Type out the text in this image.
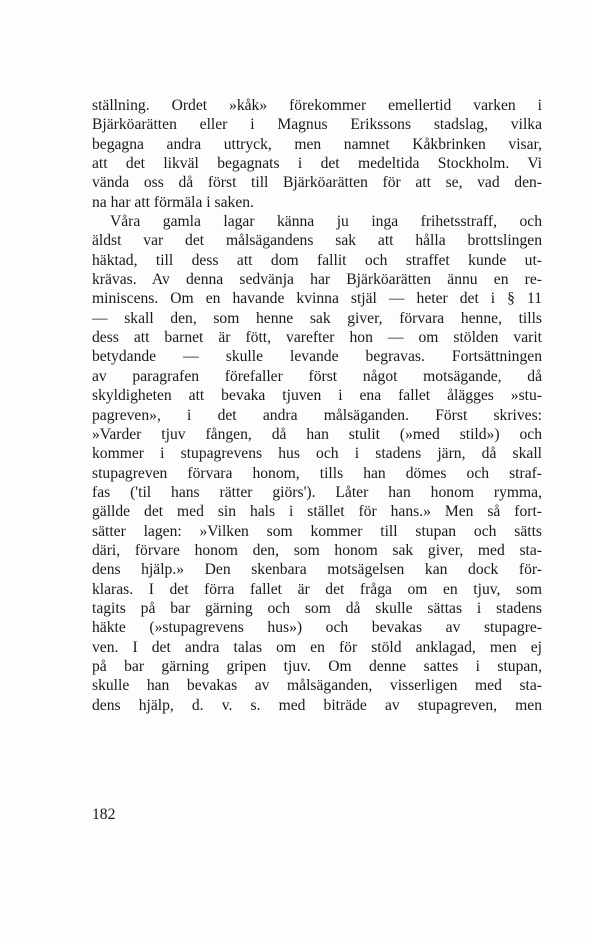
ställning. Ordet »kåk» förekommer emellertid varken i
Bjärköarätten eller i Magnus Erikssons stadslag, vilka
begagna andra uttryck, men namnet Kåkbrinken visar,
att det likväl begagnats i det medeltida Stockholm. Vi
vända oss då först till Bjärköarätten för att se, vad den-
na har att förmäla i saken.
Våra gamla lagar känna ju inga frihetsstraff, och
äldst var det målsägandens sak att hålla brottslingen
häktad, till dess att dom fallit och straffet kunde ut-
krävas. Av denna sedvänja har Bjärköarätten ännu en re-
miniscens. Om en havande kvinna stjäl — heter det i § 11
— skall den, som henne sak giver, förvara henne, tills
dess att barnet är fött, varefter hon — om stölden varit
betydande — skulle levande begravas. Fortsättningen
av paragrafen förefaller först något motsägande, då
skyldigheten att bevaka tjuven i ena fallet ålägges »stu-
pagreven», i det andra målsäganden. Först skrives:
»Varder tjuv fången, då han stulit (»med stild») och
kommer i stupagrevens hus och i stadens järn, då skall
stupagreven förvara honom, tills han dömes och straf-
fas ('til hans rätter giörs'). Låter han honom rymma,
gällde det med sin hals i stället för hans.» Men så fort-
sätter lagen: »Vilken som kommer till stupan och sätts
däri, förvare honom den, som honom sak giver, med sta-
dens hjälp.» Den skenbara motsägelsen kan dock för-
klaras. I det förra fallet är det fråga om en tjuv, som
tagits på bar gärning och som då skulle sättas i stadens
häkte (»stupagrevens hus») och bevakas av stupagre-
ven. I det andra talas om en för stöld anklagad, men ej
på bar gärning gripen tjuv. Om denne sattes i stupan,
skulle han bevakas av målsäganden, visserligen med sta-
dens hjälp, d. v. s. med biträde av stupagreven, men
182
